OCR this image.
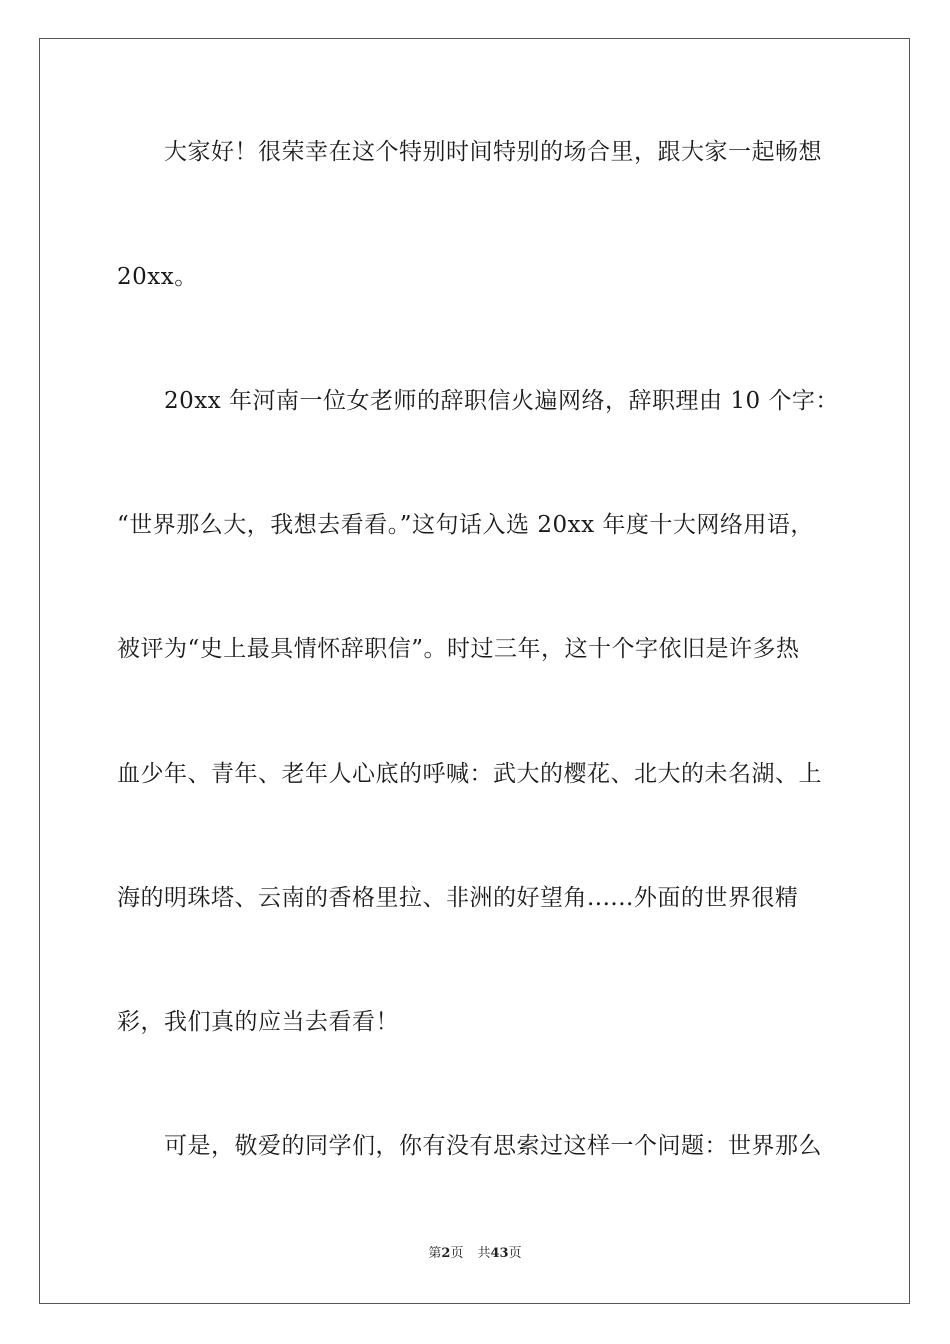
大家好！很荣幸在这个特别时间特别的场合里，跟大家一起畅想
20xx。
20xx 年河南一位女老师的辞职信火遍网络，辞职理由 10 个字：
“世界那么大，我想去看看。”这句话入选 20xx 年度十大网络用语，
被评为“史上最具情怀辞职信”。时过三年，这十个字依旧是许多热
血少年、青年、老年人心底的呼喊：武大的樱花、北大的未名湖、上
海的明珠塔、云南的香格里拉、非洲的好望角......外面的世界很精
彩，我们真的应当去看看！
可是，敬爱的同学们，你有没有思索过这样一个问题：世界那么
第2页 共43页
